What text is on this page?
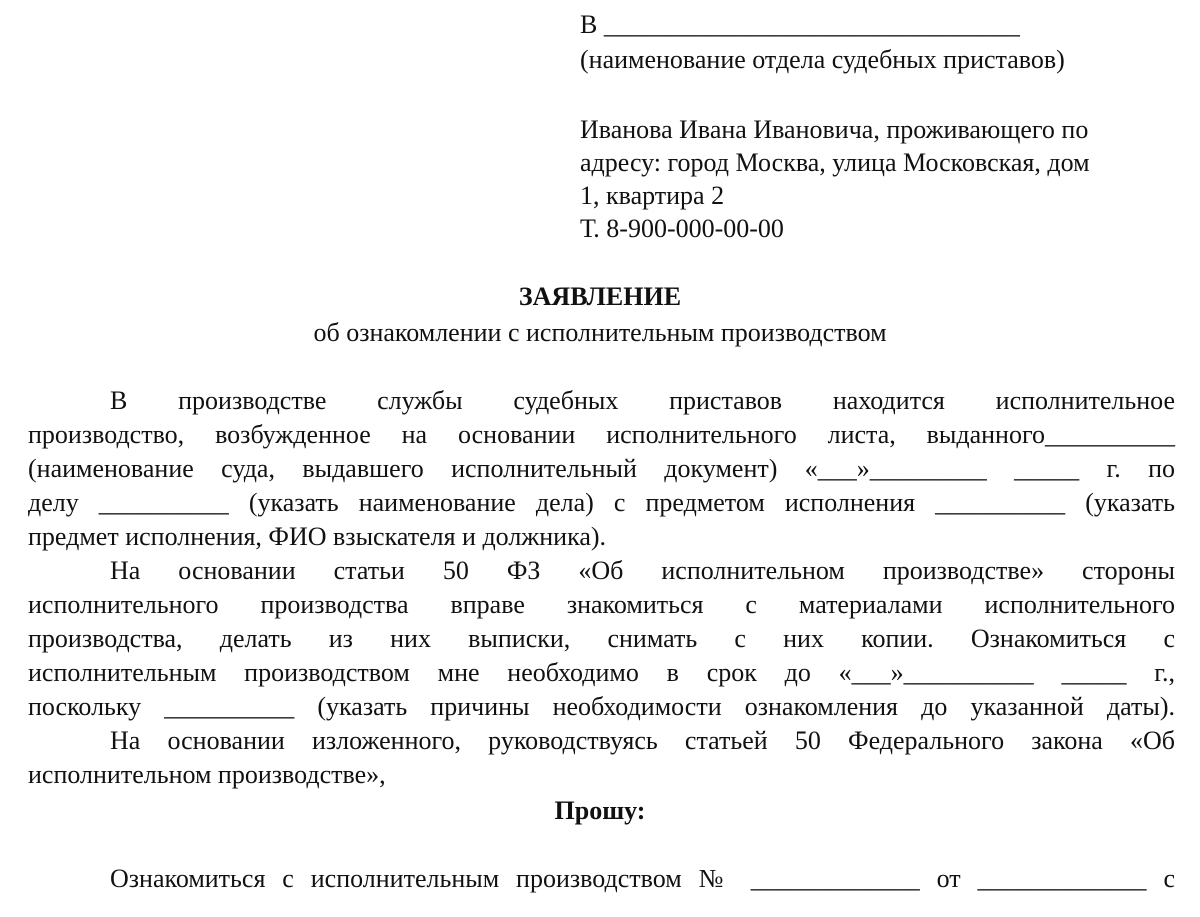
В ________________________________
(наименование отдела судебных приставов)
Иванова Ивана Ивановича, проживающего по
адресу: город Москва, улица Московская, дом
1, квартира 2
Т. 8-900-000-00-00
ЗАЯВЛЕНИЕ
об ознакомлении с исполнительным производством
В производстве службы судебных приставов находится исполнительное
производство, возбужденное на основании исполнительного листа, выданного__________
(наименование суда, выдавшего исполнительный документ) «___»_________ _____ г. по
делу __________ (указать наименование дела) с предметом исполнения __________ (указать
предмет исполнения, ФИО взыскателя и должника).
На основании статьи 50 ФЗ «Об исполнительном производстве» стороны
исполнительного производства вправе знакомиться с материалами исполнительного
производства, делать из них выписки, снимать с них копии. Ознакомиться с
исполнительным производством мне необходимо в срок до «___»__________ _____ г.,
поскольку __________ (указать причины необходимости ознакомления до указанной даты).
На основании изложенного, руководствуясь статьей 50 Федерального закона «Об
исполнительном производстве»,
Прошу:
Ознакомиться с исполнительным производством № _____________ от _____________ с
